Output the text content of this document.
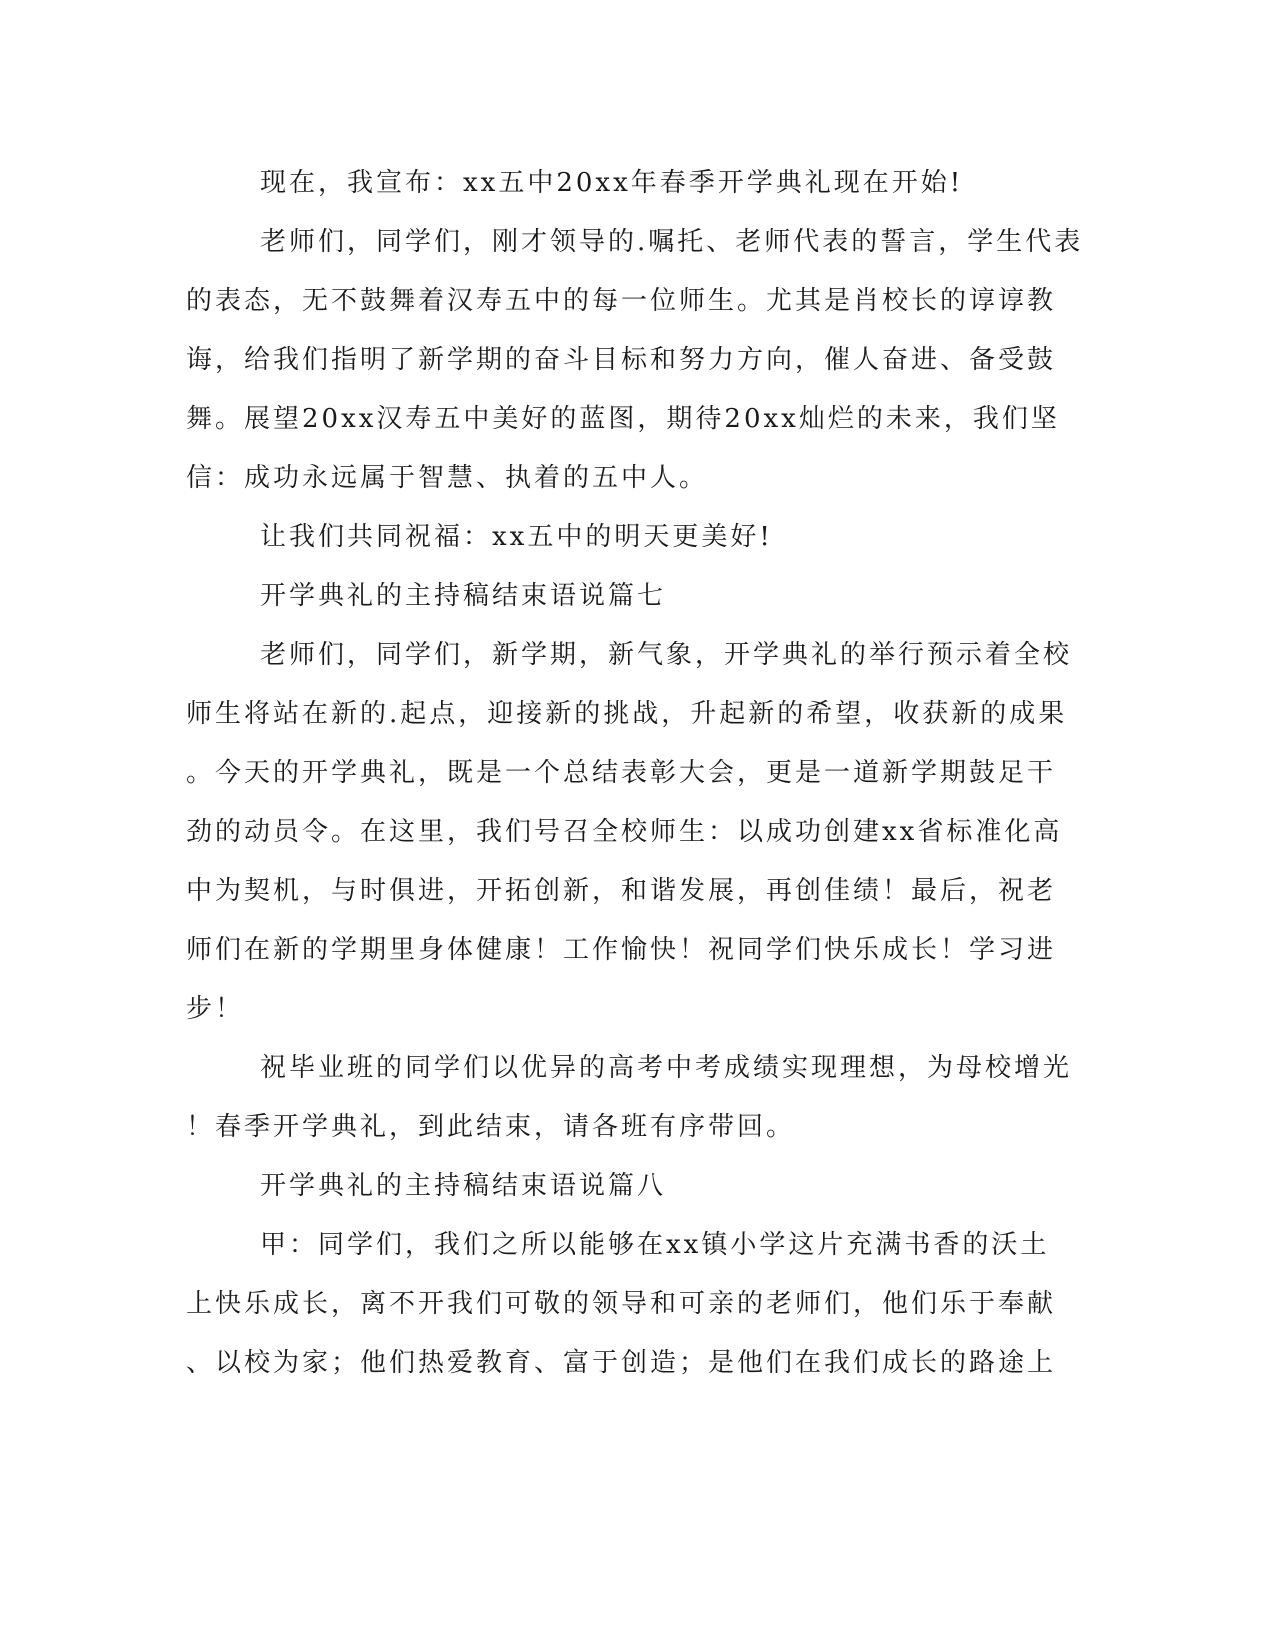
现在，我宣布：xx五中20xx年春季开学典礼现在开始!
老师们，同学们，刚才领导的.嘱托、老师代表的誓言，学生代表
的表态，无不鼓舞着汉寿五中的每一位师生。尤其是肖校长的谆谆教
诲，给我们指明了新学期的奋斗目标和努力方向，催人奋进、备受鼓
舞。展望20xx汉寿五中美好的蓝图，期待20xx灿烂的未来，我们坚
信：成功永远属于智慧、执着的五中人。
让我们共同祝福：xx五中的明天更美好!
开学典礼的主持稿结束语说篇七
老师们，同学们，新学期，新气象，开学典礼的举行预示着全校
师生将站在新的.起点，迎接新的挑战，升起新的希望，收获新的成果
。今天的开学典礼，既是一个总结表彰大会，更是一道新学期鼓足干
劲的动员令。在这里，我们号召全校师生：以成功创建xx省标准化高
中为契机，与时俱进，开拓创新，和谐发展，再创佳绩！最后，祝老
师们在新的学期里身体健康！工作愉快！祝同学们快乐成长！学习进
步！
祝毕业班的同学们以优异的高考中考成绩实现理想，为母校增光
！春季开学典礼，到此结束，请各班有序带回。
开学典礼的主持稿结束语说篇八
甲：同学们，我们之所以能够在xx镇小学这片充满书香的沃土
上快乐成长，离不开我们可敬的领导和可亲的老师们，他们乐于奉献
、以校为家；他们热爱教育、富于创造；是他们在我们成长的路途上
